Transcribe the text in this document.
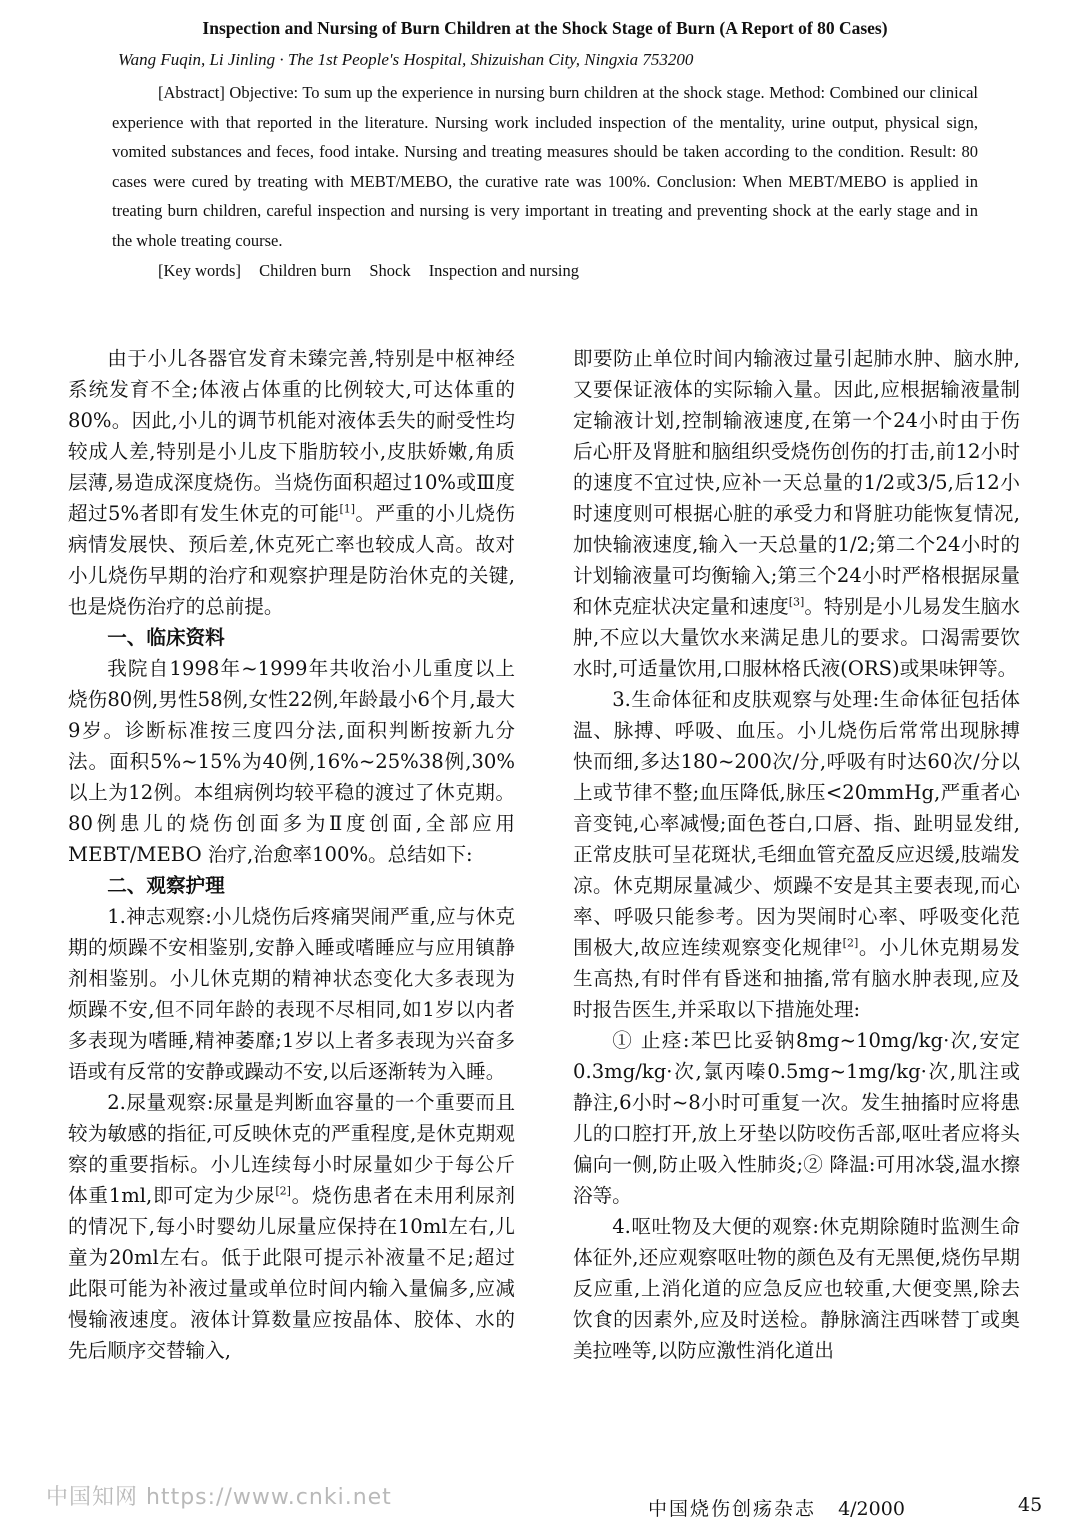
Inspection and Nursing of Burn Children at the Shock Stage of Burn (A Report of 80 Cases)
Wang Fuqin, Li Jinling · The 1st People's Hospital, Shizuishan City, Ningxia 753200
[Abstract] Objective: To sum up the experience in nursing burn children at the shock stage. Method: Combined our clinical experience with that reported in the literature. Nursing work included inspection of the mentality, urine output, physical sign, vomited substances and feces, food intake. Nursing and treating measures should be taken according to the condition. Result: 80 cases were cured by treating with MEBT/MEBO, the curative rate was 100%. Conclusion: When MEBT/MEBO is applied in treating burn children, careful inspection and nursing is very important in treating and preventing shock at the early stage and in the whole treating course.
[Key words] Children burn Shock Inspection and nursing

由于小儿各器官发育未臻完善,特别是中枢神经系统发育不全;体液占体重的比例较大,可达体重的80%。因此,小儿的调节机能对液体丢失的耐受性均较成人差,特别是小儿皮下脂肪较小,皮肤娇嫩,角质层薄,易造成深度烧伤。当烧伤面积超过10%或Ⅲ度超过5%者即有发生休克的可能[1]。严重的小儿烧伤病情发展快、预后差,休克死亡率也较成人高。故对小儿烧伤早期的治疗和观察护理是防治休克的关键,也是烧伤治疗的总前提。

一、临床资料

我院自1998年~1999年共收治小儿重度以上烧伤80例,男性58例,女性22例,年龄最小6个月,最大9岁。诊断标准按三度四分法,面积判断按新九分法。面积5%~15%为40例,16%~25%38例,30%以上为12例。本组病例均较平稳的渡过了休克期。80例患儿的烧伤创面多为Ⅱ度创面,全部应用 MEBT/MEBO 治疗,治愈率100%。总结如下:

二、观察护理

1.神志观察:小儿烧伤后疼痛哭闹严重,应与休克期的烦躁不安相鉴别,安静入睡或嗜睡应与应用镇静剂相鉴别。小儿休克期的精神状态变化大多表现为烦躁不安,但不同年龄的表现不尽相同,如1岁以内者多表现为嗜睡,精神萎靡;1岁以上者多表现为兴奋多语或有反常的安静或躁动不安,以后逐渐转为入睡。

2.尿量观察:尿量是判断血容量的一个重要而且较为敏感的指征,可反映休克的严重程度,是休克期观察的重要指标。小儿连续每小时尿量如少于每公斤体重1ml,即可定为少尿[2]。烧伤患者在未用利尿剂的情况下,每小时婴幼儿尿量应保持在10ml左右,儿童为20ml左右。低于此限可提示补液量不足;超过此限可能为补液过量或单位时间内输入量偏多,应减慢输液速度。液体计算数量应按晶体、胶体、水的先后顺序交替输入,

即要防止单位时间内输液过量引起肺水肿、脑水肿,又要保证液体的实际输入量。因此,应根据输液量制定输液计划,控制输液速度,在第一个24小时由于伤后心肝及肾脏和脑组织受烧伤创伤的打击,前12小时的速度不宜过快,应补一天总量的1/2或3/5,后12小时速度则可根据心脏的承受力和肾脏功能恢复情况,加快输液速度,输入一天总量的1/2;第二个24小时的计划输液量可均衡输入;第三个24小时严格根据尿量和休克症状决定量和速度[3]。特别是小儿易发生脑水肿,不应以大量饮水来满足患儿的要求。口渴需要饮水时,可适量饮用,口服林格氏液(ORS)或果味钾等。

3.生命体征和皮肤观察与处理:生命体征包括体温、脉搏、呼吸、血压。小儿烧伤后常常出现脉搏快而细,多达180~200次/分,呼吸有时达60次/分以上或节律不整;血压降低,脉压<20mmHg,严重者心音变钝,心率减慢;面色苍白,口唇、指、趾明显发绀,正常皮肤可呈花斑状,毛细血管充盈反应迟缓,肢端发凉。休克期尿量减少、烦躁不安是其主要表现,而心率、呼吸只能参考。因为哭闹时心率、呼吸变化范围极大,故应连续观察变化规律[2]。小儿休克期易发生高热,有时伴有昏迷和抽搐,常有脑水肿表现,应及时报告医生,并采取以下措施处理:

① 止痉:苯巴比妥钠8mg~10mg/kg·次,安定0.3mg/kg·次,氯丙嗪0.5mg~1mg/kg·次,肌注或静注,6小时~8小时可重复一次。发生抽搐时应将患儿的口腔打开,放上牙垫以防咬伤舌部,呕吐者应将头偏向一侧,防止吸入性肺炎;② 降温:可用冰袋,温水擦浴等。

4.呕吐物及大便的观察:休克期除随时监测生命体征外,还应观察呕吐物的颜色及有无黑便,烧伤早期反应重,上消化道的应急反应也较重,大便变黑,除去饮食的因素外,应及时送检。静脉滴注西咪替丁或奥美拉唑等,以防应激性消化道出

中国知网 https://www.cnki.net	中国烧伤创疡杂志 4/2000	45
